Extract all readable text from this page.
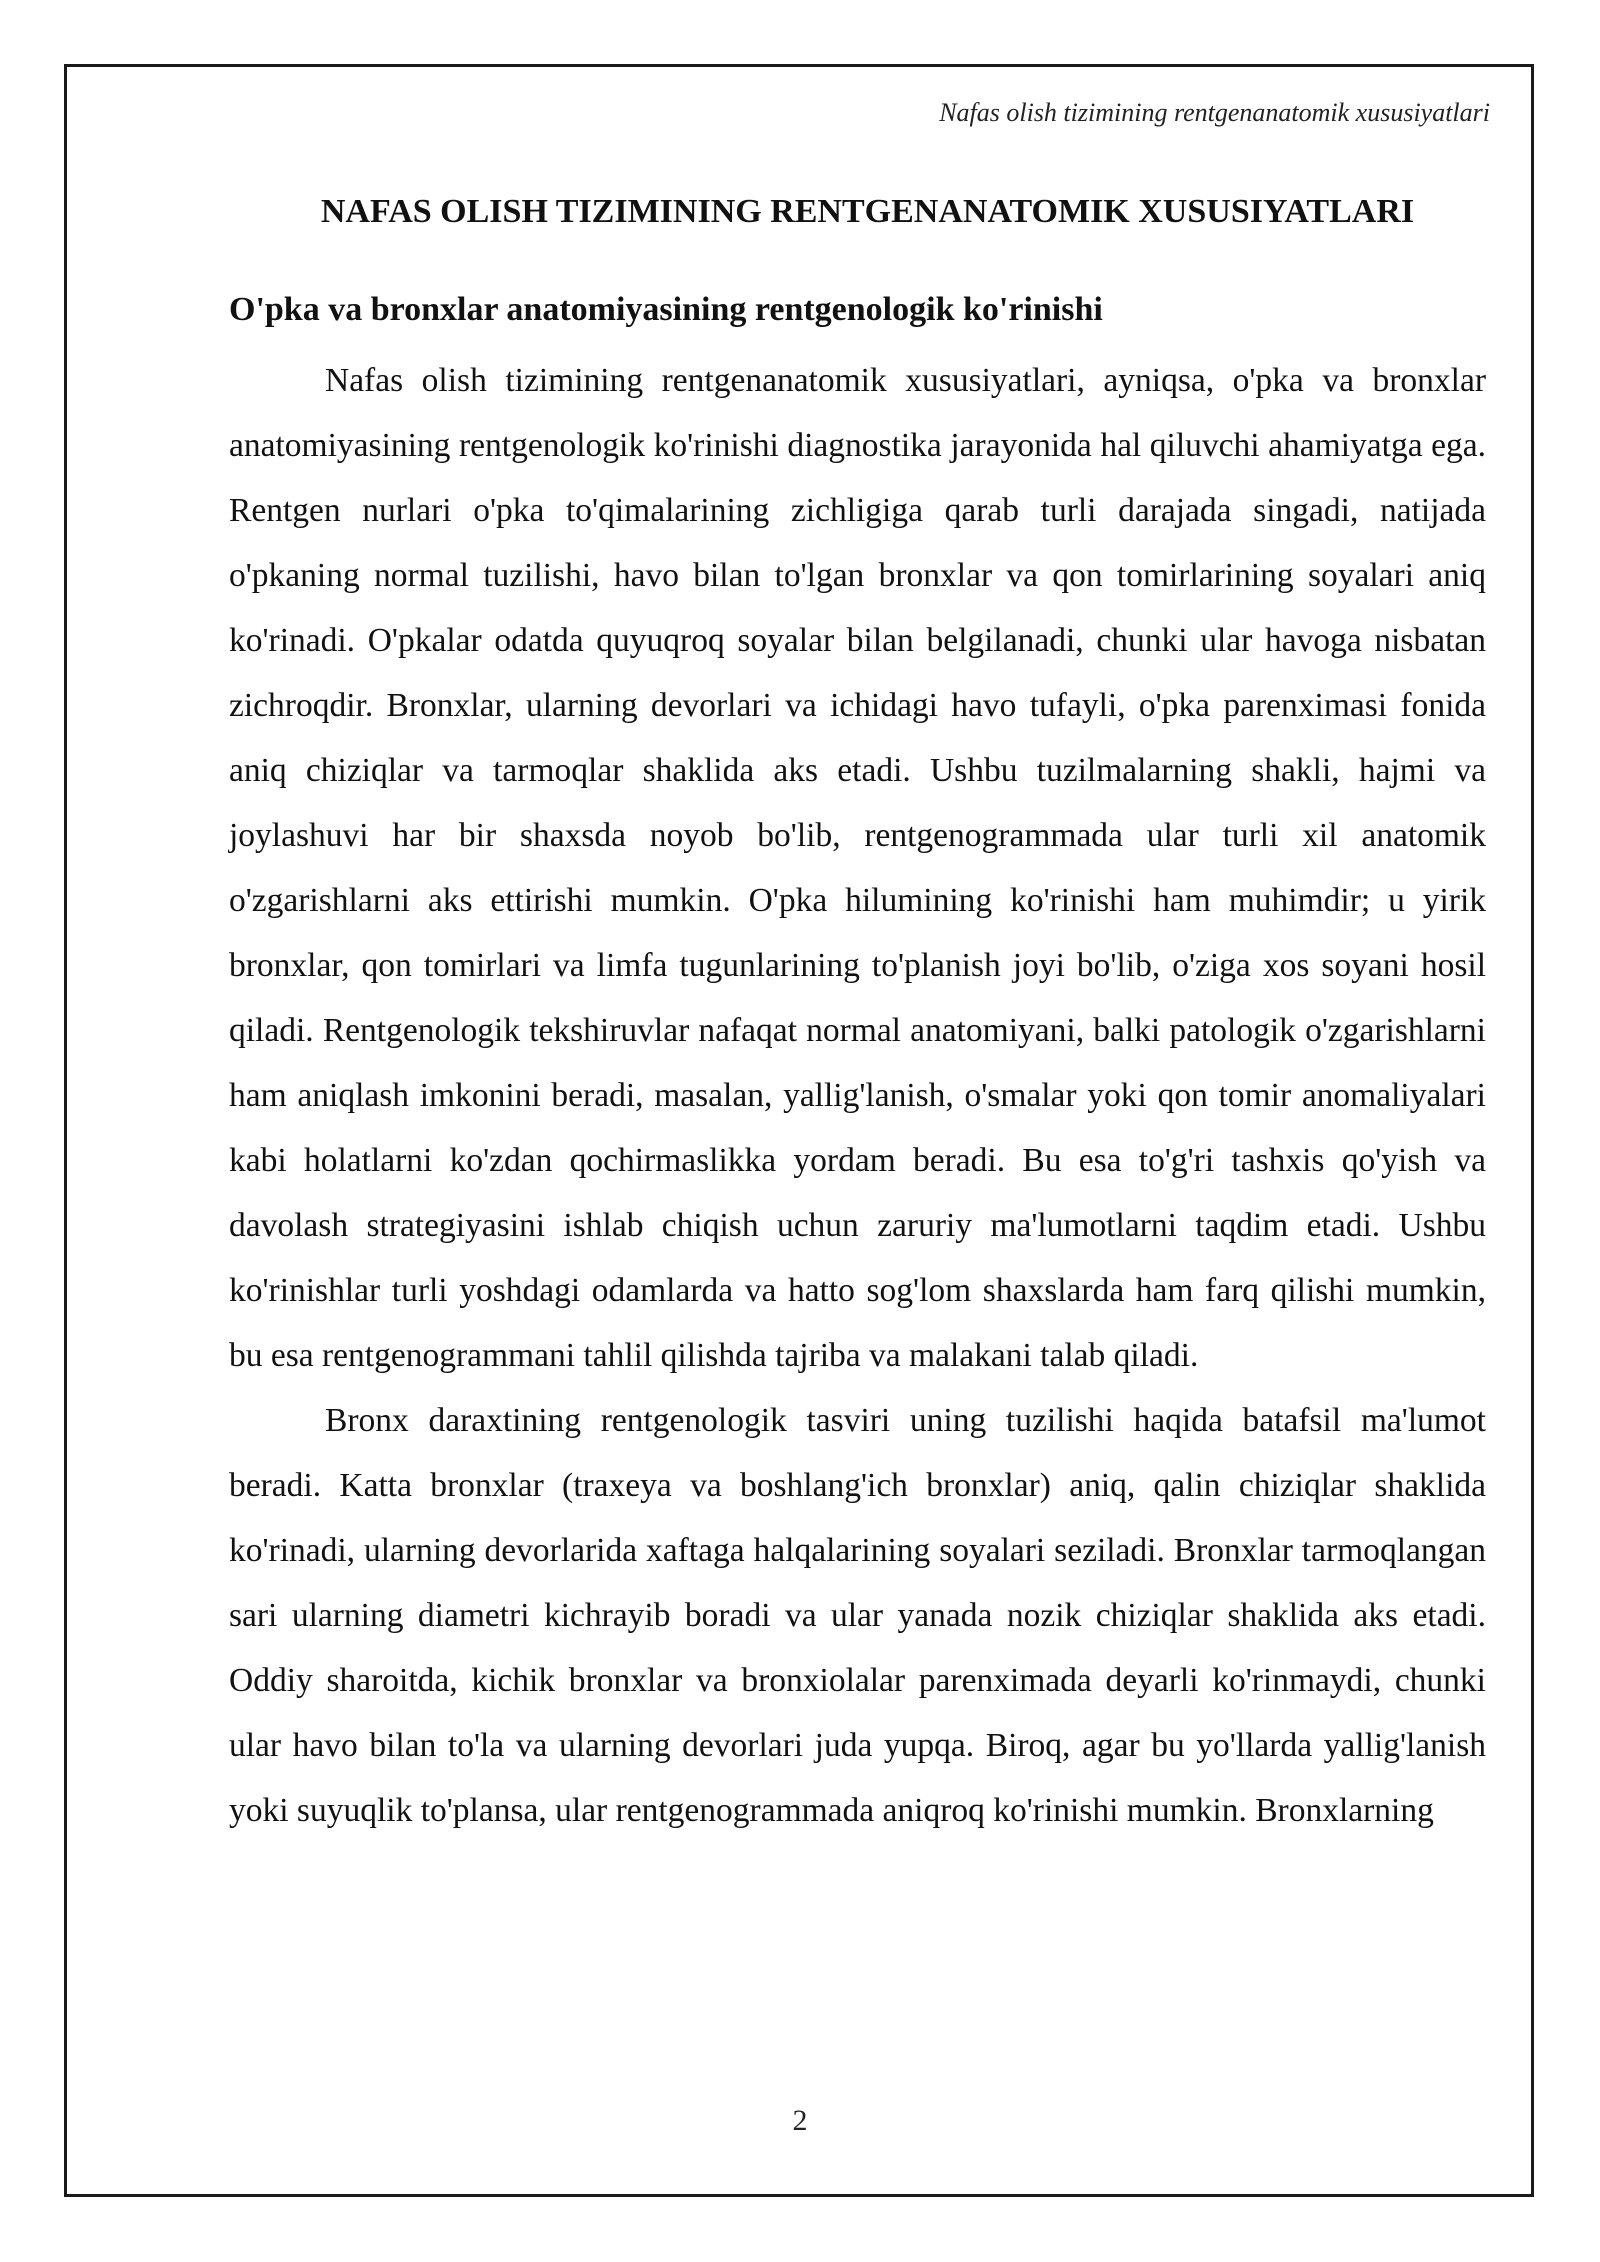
Nafas olish tizimining rentgenanatomik xususiyatlari
NAFAS OLISH TIZIMINING RENTGENANATOMIK XUSUSIYATLARI
O'pka va bronxlar anatomiyasining rentgenologik ko'rinishi

Nafas olish tizimining rentgenanatomik xususiyatlari, ayniqsa, o'pka va bronxlar anatomiyasining rentgenologik ko'rinishi diagnostika jarayonida hal qiluvchi ahamiyatga ega. Rentgen nurlari o'pka to'qimalarining zichligiga qarab turli darajada singadi, natijada o'pkaning normal tuzilishi, havo bilan to'lgan bronxlar va qon tomirlarining soyalari aniq ko'rinadi. O'pkalar odatda quyuqroq soyalar bilan belgilanadi, chunki ular havoga nisbatan zichroqdir. Bronxlar, ularning devorlari va ichidagi havo tufayli, o'pka parenximasi fonida aniq chiziqlar va tarmoqlar shaklida aks etadi. Ushbu tuzilmalarning shakli, hajmi va joylashuvi har bir shaxsda noyob bo'lib, rentgenogrammada ular turli xil anatomik o'zgarishlarni aks ettirishi mumkin. O'pka hilumining ko'rinishi ham muhimdir; u yirik bronxlar, qon tomirlari va limfa tugunlarining to'planish joyi bo'lib, o'ziga xos soyani hosil qiladi. Rentgenologik tekshiruvlar nafaqat normal anatomiyani, balki patologik o'zgarishlarni ham aniqlash imkonini beradi, masalan, yallig'lanish, o'smalar yoki qon tomir anomaliyalari kabi holatlarni ko'zdan qochirmaslikka yordam beradi. Bu esa to'g'ri tashxis qo'yish va davolash strategiyasini ishlab chiqish uchun zaruriy ma'lumotlarni taqdim etadi. Ushbu ko'rinishlar turli yoshdagi odamlarda va hatto sog'lom shaxslarda ham farq qilishi mumkin, bu esa rentgenogrammani tahlil qilishda tajriba va malakani talab qiladi.

Bronx daraxtining rentgenologik tasviri uning tuzilishi haqida batafsil ma'lumot beradi. Katta bronxlar (traxeya va boshlang'ich bronxlar) aniq, qalin chiziqlar shaklida ko'rinadi, ularning devorlarida xaftaga halqalarining soyalari seziladi. Bronxlar tarmoqlangan sari ularning diametri kichrayib boradi va ular yanada nozik chiziqlar shaklida aks etadi. Oddiy sharoitda, kichik bronxlar va bronxiolalar parenximada deyarli ko'rinmaydi, chunki ular havo bilan to'la va ularning devorlari juda yupqa. Biroq, agar bu yo'llarda yallig'lanish yoki suyuqlik to'plansa, ular rentgenogrammada aniqroq ko'rinishi mumkin. Bronxlarning

2
